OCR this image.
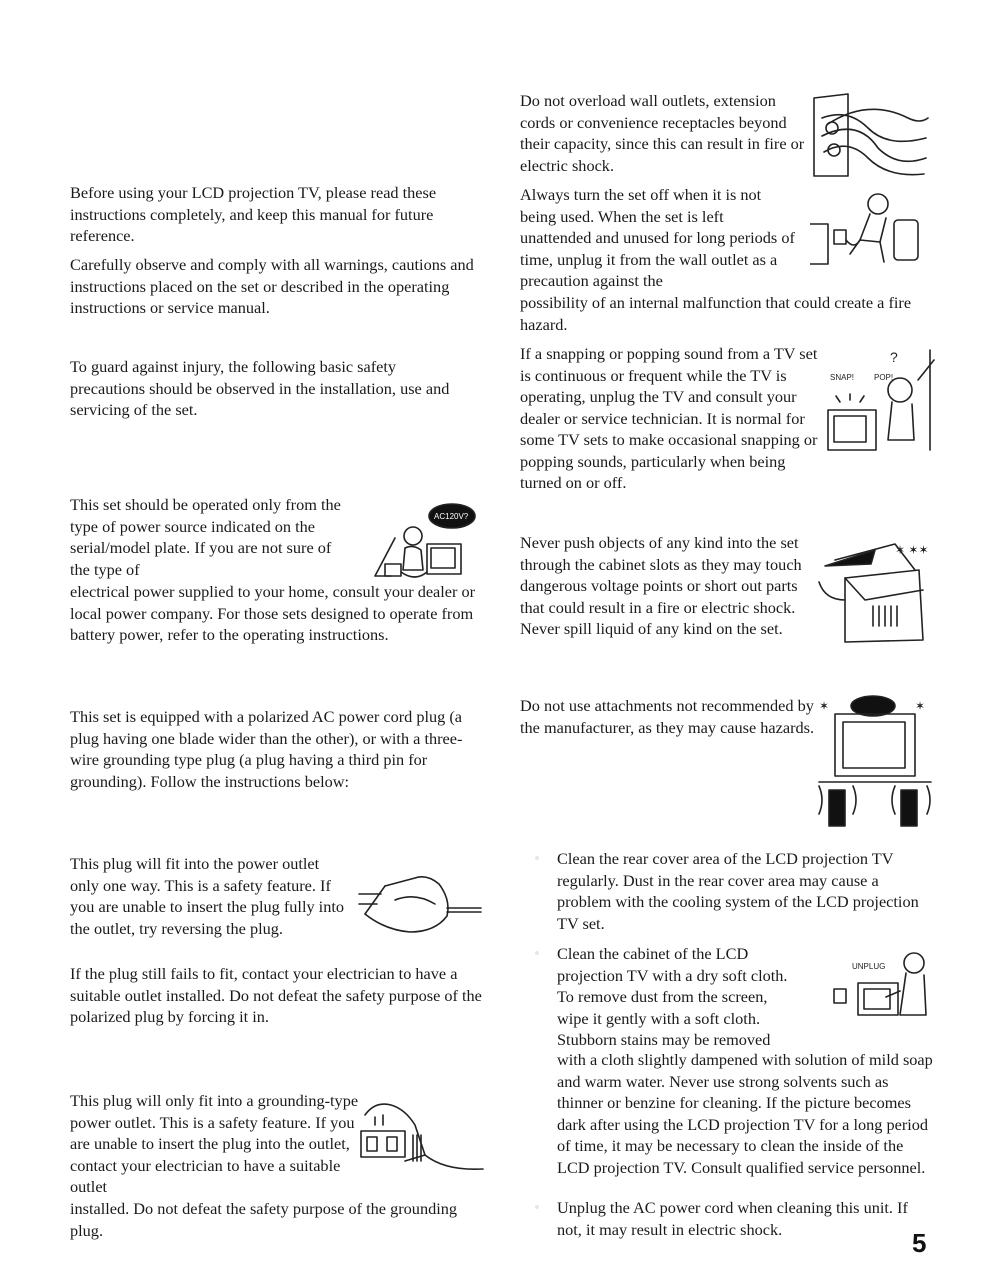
Before using your LCD projection TV, please read these instructions completely, and keep this manual for future reference.

Carefully observe and comply with all warnings, cautions and instructions placed on the set or described in the operating instructions or service manual.

To guard against injury, the following basic safety precautions should be observed in the installation, use and servicing of the set.

This set should be operated only from the type of power source indicated on the serial/model plate. If you are not sure of the type of

electrical power supplied to your home, consult your dealer or local power company. For those sets designed to operate from battery power, refer to the operating instructions.

This set is equipped with a polarized AC power cord plug (a plug having one blade wider than the other), or with a three-wire grounding type plug (a plug having a third pin for grounding). Follow the instructions below:

This plug will fit into the power outlet only one way. This is a safety feature. If you are unable to insert the plug fully into the outlet, try reversing the plug.

If the plug still fails to fit, contact your electrician to have a suitable outlet installed. Do not defeat the safety purpose of the polarized plug by forcing it in.

This plug will only fit into a grounding-type power outlet. This is a safety feature. If you are unable to insert the plug into the outlet, contact your electrician to have a suitable outlet

installed. Do not defeat the safety purpose of the grounding plug.

AC120V?

Do not overload wall outlets, extension cords or convenience receptacles beyond their capacity, since this can result in fire or electric shock.

Always turn the set off when it is not being used. When the set is left unattended and unused for long periods of time, unplug it from the wall outlet as a precaution against the

possibility of an internal malfunction that could create a fire hazard.

If a snapping or popping sound from a TV set is continuous or frequent while the TV is operating, unplug the TV and consult your dealer or service technician. It is normal for some TV sets to make occasional snapping or popping sounds, particularly when being turned on or off.

Never push objects of any kind into the set through the cabinet slots as they may touch dangerous voltage points or short out parts that could result in a fire or electric shock. Never spill liquid of any kind on the set.

Do not use attachments not recommended by the manufacturer, as they may cause hazards.

Clean the rear cover area of the LCD projection TV regularly. Dust in the rear cover area may cause a problem with the cooling system of the LCD projection TV set.

Clean the cabinet of the LCD projection TV with a dry soft cloth. To remove dust from the screen, wipe it gently with a soft cloth. Stubborn stains may be removed

with a cloth slightly dampened with solution of mild soap and warm water. Never use strong solvents such as thinner or benzine for cleaning. If the picture becomes dark after using the LCD projection TV for a long period of time, it may be necessary to clean the inside of the LCD projection TV. Consult qualified service personnel.

Unplug the AC power cord when cleaning this unit. If not, it may result in electric shock.

SNAP! POP!
?
✶ ✶✶
✶	✶
UNPLUG
5
